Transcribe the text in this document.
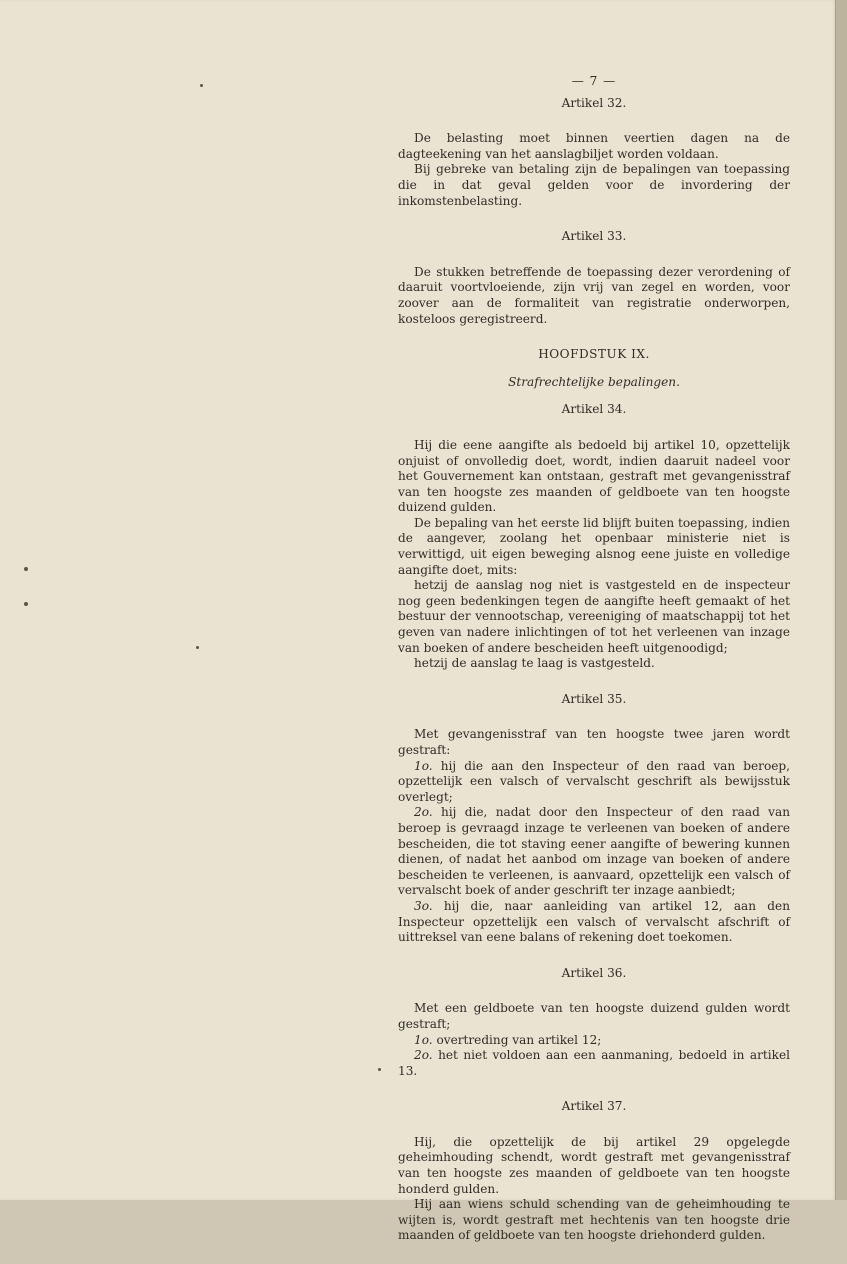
— 7 —
Artikel 32.

De belasting moet binnen veertien dagen na de dagteekening van het aanslagbiljet worden voldaan.

Bij gebreke van betaling zijn de bepalingen van toepassing die in dat geval gelden voor de invordering der inkomstenbelasting.

Artikel 33.

De stukken betreffende de toepassing dezer verordening of daaruit voortvloeiende, zijn vrij van zegel en worden, voor zoover aan de formaliteit van registratie onderworpen, kosteloos geregistreerd.

HOOFDSTUK IX.
Strafrechtelijke bepalingen.
Artikel 34.

Hij die eene aangifte als bedoeld bij artikel 10, opzettelijk onjuist of onvolledig doet, wordt, indien daaruit nadeel voor het Gouvernement kan ontstaan, gestraft met gevangenisstraf van ten hoogste zes maanden of geldboete van ten hoogste duizend gulden.

De bepaling van het eerste lid blijft buiten toepassing, indien de aangever, zoolang het openbaar ministerie niet is verwittigd, uit eigen beweging alsnog eene juiste en volledige aangifte doet, mits:

hetzij de aanslag nog niet is vastgesteld en de inspecteur nog geen bedenkingen tegen de aangifte heeft gemaakt of het bestuur der vennootschap, vereeniging of maatschappij tot het geven van nadere inlichtingen of tot het verleenen van inzage van boeken of andere bescheiden heeft uitgenoodigd;

hetzij de aanslag te laag is vastgesteld.

Artikel 35.

Met gevangenisstraf van ten hoogste twee jaren wordt gestraft:

1o. hij die aan den Inspecteur of den raad van beroep, opzettelijk een valsch of vervalscht geschrift als bewijsstuk overlegt;

2o. hij die, nadat door den Inspecteur of den raad van beroep is gevraagd inzage te verleenen van boeken of andere bescheiden, die tot staving eener aangifte of bewering kunnen dienen, of nadat het aanbod om inzage van boeken of andere bescheiden te verleenen, is aanvaard, opzettelijk een valsch of vervalscht boek of ander geschrift ter inzage aanbiedt;

3o. hij die, naar aanleiding van artikel 12, aan den Inspecteur opzettelijk een valsch of vervalscht afschrift of uittreksel van eene balans of rekening doet toekomen.

Artikel 36.

Met een geldboete van ten hoogste duizend gulden wordt gestraft;

1o. overtreding van artikel 12;

2o. het niet voldoen aan een aanmaning, bedoeld in artikel 13.

Artikel 37.

Hij, die opzettelijk de bij artikel 29 opgelegde geheimhouding schendt, wordt gestraft met gevangenisstraf van ten hoogste zes maanden of geldboete van ten hoogste honderd gulden.

Hij aan wiens schuld schending van de geheimhouding te wijten is, wordt gestraft met hechtenis van ten hoogste drie maanden of geldboete van ten hoogste driehonderd gulden.
